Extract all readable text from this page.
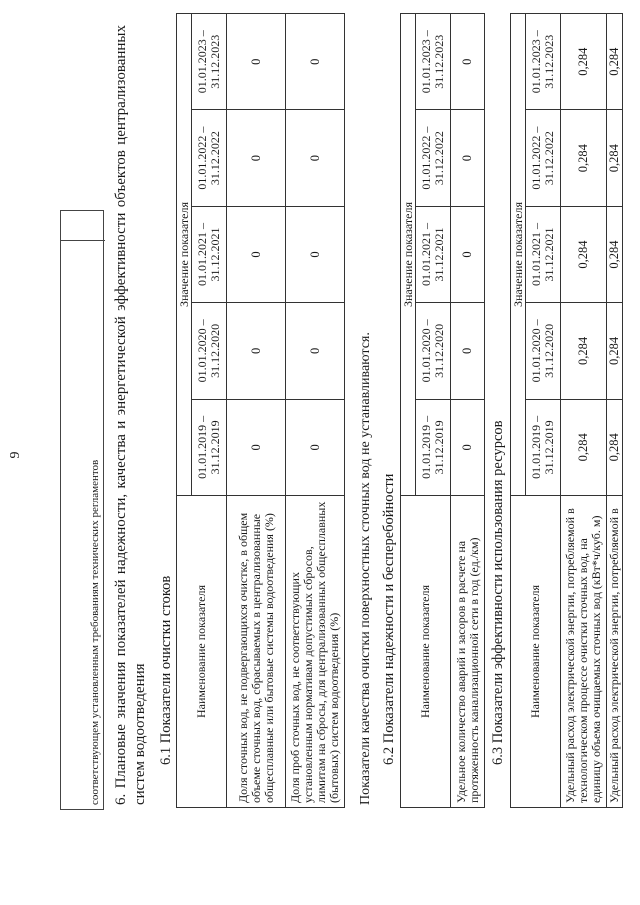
9
соответствующем установленным требованиям технических регламентов 6. Плановые значения показателей надежности, качества и энергетической эффективности объектов централизованных систем водоотведения 6.1 Показатели очистки стоков Наименование показателя	Значение показателя				
	01.01.2019 – 31.12.2019	01.01.2020 – 31.12.2020	01.01.2021 – 31.12.2021	01.01.2022 – 31.12.2022	01.01.2023 – 31.12.2023
Доля сточных вод, не подвергающихся очистке, в общем объеме сточных вод, сбрасываемых в централизованные общесплавные или бытовые системы водоотведения (%)	0	0	0	0	0
Доля проб сточных вод, не соответствующих установленным нормативам допустимых сбросов, лимитам на сбросы, для централизованных общесплавных (бытовых) систем водоотведения (%)	0	0	0	0	0
Показатели качества очистки поверхностных сточных вод не устанавливаются. 6.2 Показатели надежности и бесперебойности Наименование показателя	Значение показателя				
	01.01.2019 – 31.12.2019	01.01.2020 – 31.12.2020	01.01.2021 – 31.12.2021	01.01.2022 – 31.12.2022	01.01.2023 – 31.12.2023
Удельное количество аварий и засоров в расчете на протяженность канализационной сети в год (ед./км)	0	0	0	0	0
6.3 Показатели эффективности использования ресурсов Наименование показателя	Значение показателя				
	01.01.2019 – 31.12.2019	01.01.2020 – 31.12.2020	01.01.2021 – 31.12.2021	01.01.2022 – 31.12.2022	01.01.2023 – 31.12.2023
Удельный расход электрической энергии, потребляемой в технологическом процессе очистки сточных вод, на единицу объема очищаемых сточных вод (кВт*ч/куб. м)	0,284	0,284	0,284	0,284	0,284
Удельный расход электрической энергии, потребляемой в	0,284	0,284	0,284	0,284	0,284
